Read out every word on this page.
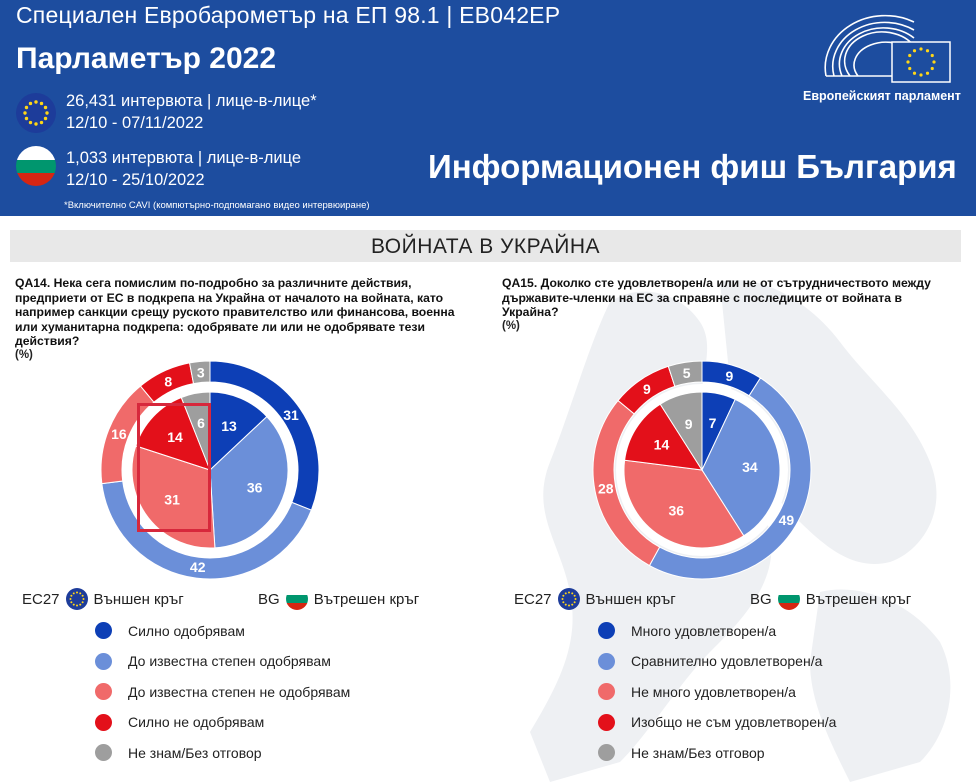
Специален Евробарометър на ЕП 98.1 | EB042EP
Парламетър 2022
26,431 интервюта | лице-в-лице*
12/10 - 07/11/2022
1,033 интервюта | лице-в-лице
12/10 - 25/10/2022
*Включително CAVI (компютърно-подпомагано видео интервюиране)
Информационен фиш България
Европейският парламент
ВОЙНАТА В УКРАЙНА
QA14. Нека сега помислим по-подробно за различните действия, предприети от ЕС в подкрепа на Украйна от началото на войната, като например санкции срещу руското правителство или финансова, военна или хуманитарна подкрепа: одобрявате ли или не одобрявате тези действия?
(%)
31
42
16
8
3
13
36
31
14
6
ЕС27 Външен кръг	BG Вътрешен кръг
Силно одобрявам
До известна степен одобрявам
До известна степен не одобрявам
Силно не одобрявам
Не знам/Без отговор
QA15. Доколко сте удовлетворен/а или не от сътрудничеството между държавите-членки на ЕС за справяне с последиците от войната в Украйна?
(%)
9
49
28
9
5
7
34
36
14
9
ЕС27 Външен кръг	BG Вътрешен кръг
Много удовлетворен/а
Сравнително удовлетворен/а
Не много удовлетворен/а
Изобщо не съм удовлетворен/а
Не знам/Без отговор
